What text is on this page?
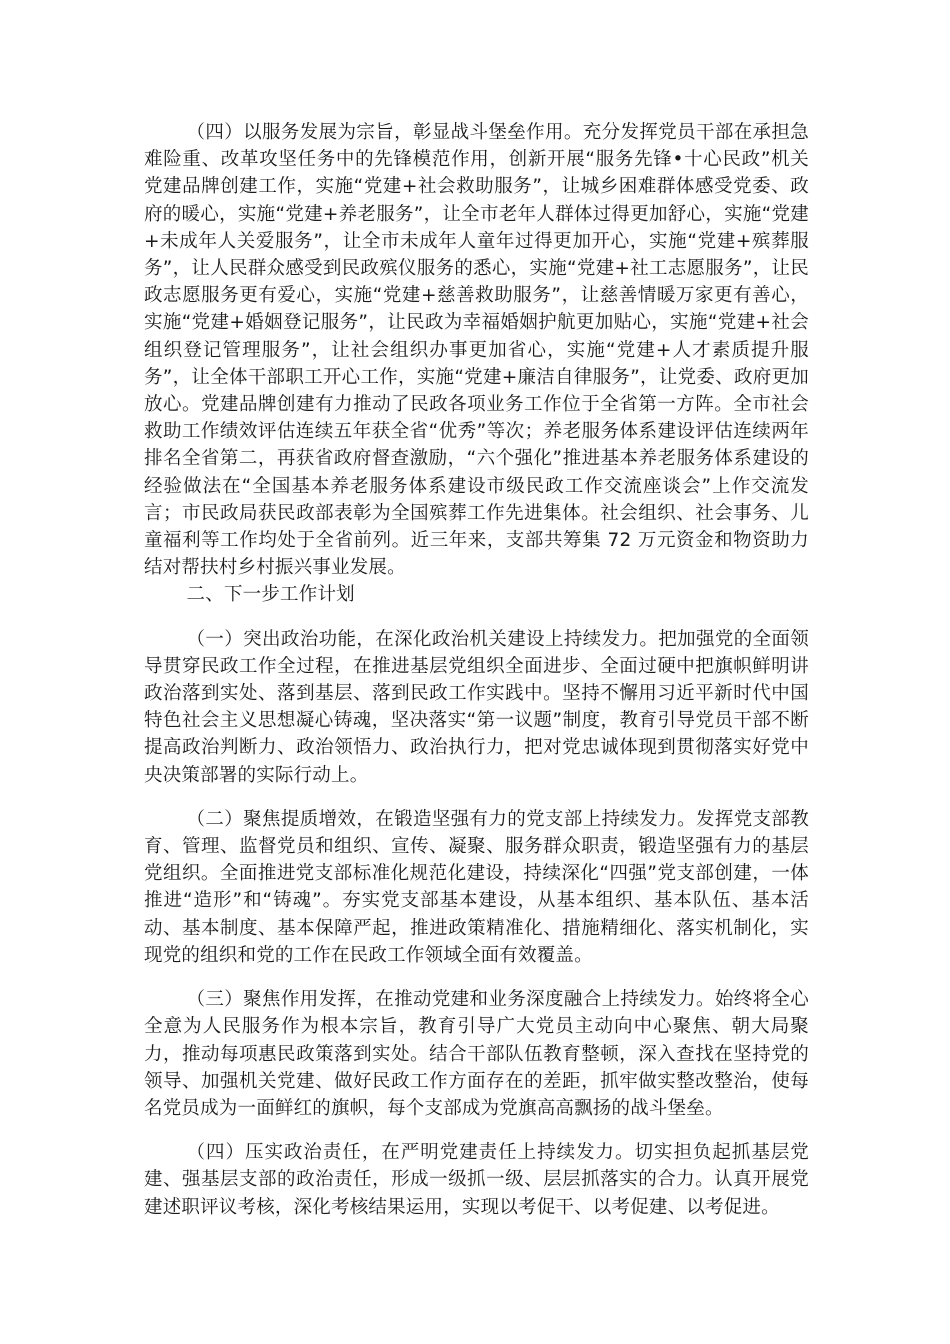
（四）以服务发展为宗旨，彰显战斗堡垒作用。充分发挥党员干部在承担急难险重、改革攻坚任务中的先锋模范作用，创新开展“服务先锋•十心民政”机关党建品牌创建工作，实施“党建+社会救助服务”，让城乡困难群体感受党委、政府的暖心，实施“党建+养老服务”，让全市老年人群体过得更加舒心，实施“党建+未成年人关爱服务”，让全市未成年人童年过得更加开心，实施“党建+殡葬服务”，让人民群众感受到民政殡仪服务的悉心，实施“党建+社工志愿服务”，让民政志愿服务更有爱心，实施“党建+慈善救助服务”，让慈善情暖万家更有善心，实施“党建+婚姻登记服务”，让民政为幸福婚姻护航更加贴心，实施“党建+社会组织登记管理服务”，让社会组织办事更加省心，实施“党建+人才素质提升服务”，让全体干部职工开心工作，实施“党建+廉洁自律服务”，让党委、政府更加放心。党建品牌创建有力推动了民政各项业务工作位于全省第一方阵。全市社会救助工作绩效评估连续五年获全省“优秀”等次；养老服务体系建设评估连续两年排名全省第二，再获省政府督查激励，“六个强化”推进基本养老服务体系建设的经验做法在“全国基本养老服务体系建设市级民政工作交流座谈会”上作交流发言；市民政局获民政部表彰为全国殡葬工作先进集体。社会组织、社会事务、儿童福利等工作均处于全省前列。近三年来，支部共筹集 72 万元资金和物资助力结对帮扶村乡村振兴事业发展。

二、下一步工作计划

（一）突出政治功能，在深化政治机关建设上持续发力。把加强党的全面领导贯穿民政工作全过程，在推进基层党组织全面进步、全面过硬中把旗帜鲜明讲政治落到实处、落到基层、落到民政工作实践中。坚持不懈用习近平新时代中国特色社会主义思想凝心铸魂，坚决落实“第一议题”制度，教育引导党员干部不断提高政治判断力、政治领悟力、政治执行力，把对党忠诚体现到贯彻落实好党中央决策部署的实际行动上。

（二）聚焦提质增效，在锻造坚强有力的党支部上持续发力。发挥党支部教育、管理、监督党员和组织、宣传、凝聚、服务群众职责，锻造坚强有力的基层党组织。全面推进党支部标准化规范化建设，持续深化“四强”党支部创建，一体推进“造形”和“铸魂”。夯实党支部基本建设，从基本组织、基本队伍、基本活动、基本制度、基本保障严起，推进政策精准化、措施精细化、落实机制化，实现党的组织和党的工作在民政工作领域全面有效覆盖。

（三）聚焦作用发挥，在推动党建和业务深度融合上持续发力。始终将全心全意为人民服务作为根本宗旨，教育引导广大党员主动向中心聚焦、朝大局聚力，推动每项惠民政策落到实处。结合干部队伍教育整顿，深入查找在坚持党的领导、加强机关党建、做好民政工作方面存在的差距，抓牢做实整改整治，使每名党员成为一面鲜红的旗帜，每个支部成为党旗高高飘扬的战斗堡垒。

（四）压实政治责任，在严明党建责任上持续发力。切实担负起抓基层党建、强基层支部的政治责任，形成一级抓一级、层层抓落实的合力。认真开展党建述职评议考核，深化考核结果运用，实现以考促干、以考促建、以考促进。
